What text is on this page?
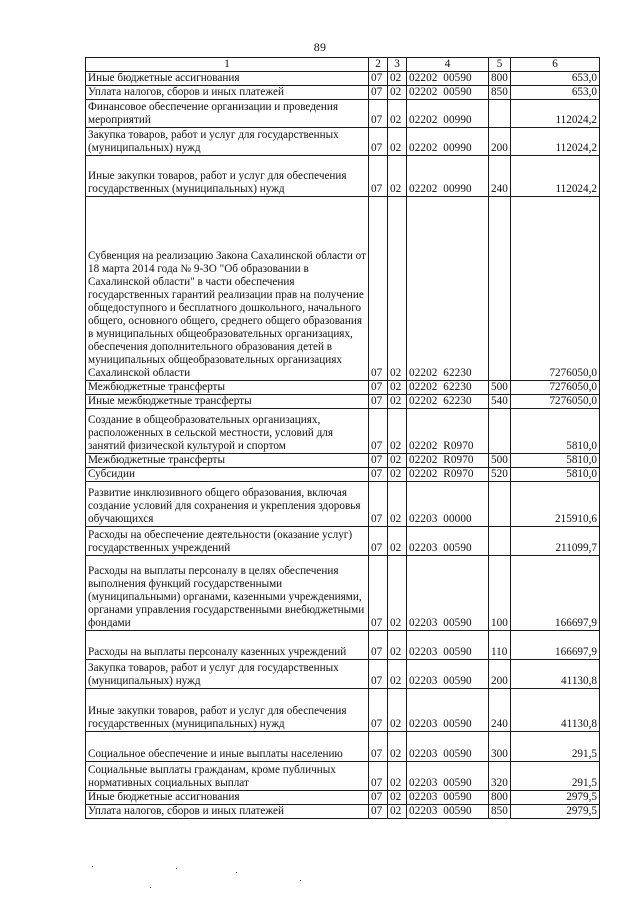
89
1	2	3	4	5	6
Иные бюджетные ассигнования	07	02	02202  00590	800	653,0
Уплата налогов, сборов и иных платежей	07	02	02202  00590	850	653,0
Финансовое обеспечение организации и проведения мероприятий	07	02	02202  00990		112024,2
Закупка товаров, работ и услуг для государственных (муниципальных) нужд	07	02	02202  00990	200	112024,2
Иные закупки товаров, работ и услуг для обеспечения государственных (муниципальных) нужд	07	02	02202  00990	240	112024,2
Субвенция на реализацию Закона Сахалинской области от 18 марта 2014 года № 9-ЗО "Об образовании в Сахалинской области" в части обеспечения государственных гарантий реализации прав на получение общедоступного и бесплатного дошкольного, начального общего, основного общего, среднего общего образования в муниципальных общеобразовательных организациях, обеспечения дополнительного образования детей в муниципальных общеобразовательных организациях Сахалинской области	07	02	02202  62230		7276050,0
Межбюджетные трансферты	07	02	02202  62230	500	7276050,0
Иные межбюджетные трансферты	07	02	02202  62230	540	7276050,0
Создание в общеобразовательных организациях, расположенных в сельской местности, условий для занятий физической культурой и спортом	07	02	02202  R0970		5810,0
Межбюджетные трансферты	07	02	02202  R0970	500	5810,0
Субсидии	07	02	02202  R0970	520	5810,0
Развитие инклюзивного общего образования, включая создание условий для сохранения и укрепления здоровья обучающихся	07	02	02203  00000		215910,6
Расходы на обеспечение деятельности (оказание услуг) государственных учреждений	07	02	02203  00590		211099,7
Расходы на выплаты персоналу в целях обеспечения выполнения функций государственными (муниципальными) органами, казенными учреждениями, органами управления государственными внебюджетными фондами	07	02	02203  00590	100	166697,9
Расходы на выплаты персоналу казенных учреждений	07	02	02203  00590	110	166697,9
Закупка товаров, работ и услуг для государственных (муниципальных) нужд	07	02	02203  00590	200	41130,8
Иные закупки товаров, работ и услуг для обеспечения государственных (муниципальных) нужд	07	02	02203  00590	240	41130,8
Социальное обеспечение и иные выплаты населению	07	02	02203  00590	300	291,5
Социальные выплаты гражданам, кроме публичных нормативных социальных выплат	07	02	02203  00590	320	291,5
Иные бюджетные ассигнования	07	02	02203  00590	800	2979,5
Уплата налогов, сборов и иных платежей	07	02	02203  00590	850	2979,5
